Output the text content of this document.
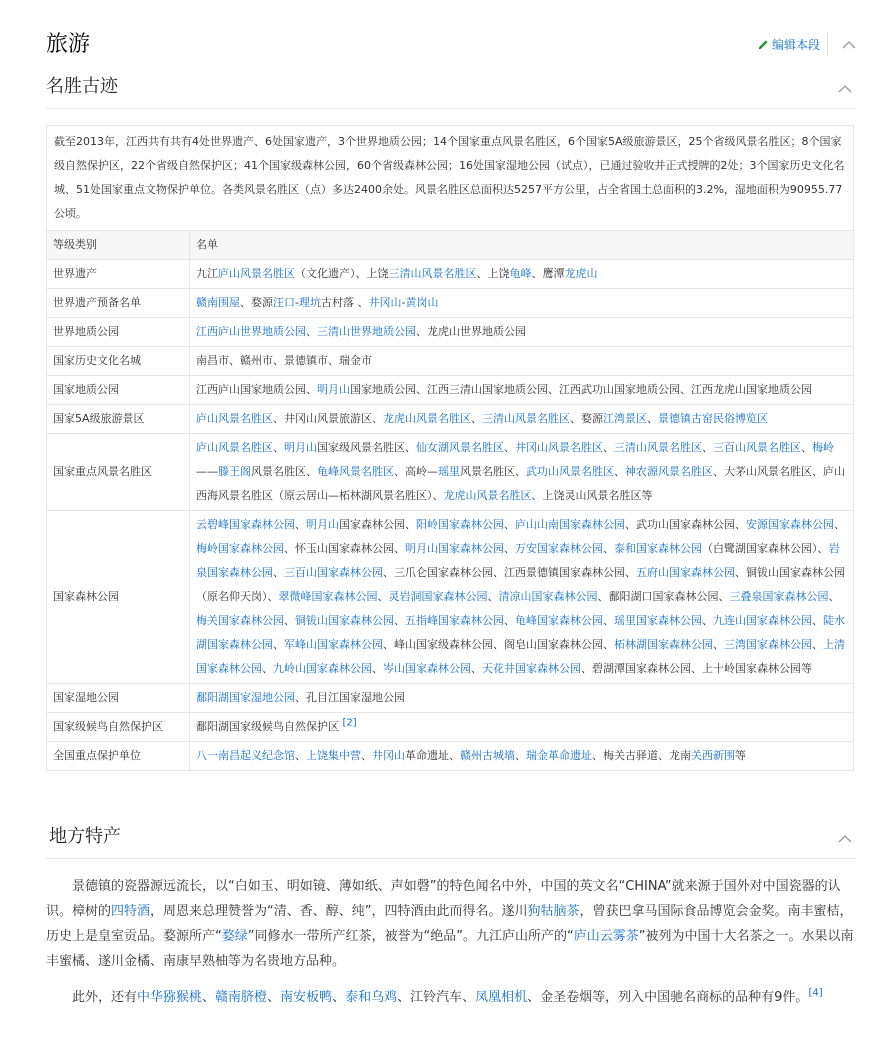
旅游	编辑本段
名胜古迹
截至2013年，江西共有共有4处世界遗产、6处国家遗产，3个世界地质公园；14个国家重点风景名胜区，6个国家5A级旅游景区，25个省级风景名胜区；8个国家级自然保护区，22个省级自然保护区；41个国家级森林公园，60个省级森林公园；16处国家湿地公园（试点），已通过验收并正式授牌的2处；3个国家历史文化名城、51处国家重点文物保护单位。各类风景名胜区（点）多达2400余处。风景名胜区总面积达5257平方公里，占全省国土总面积的3.2%，湿地面积为90955.77公顷。	
等级类别	名单
世界遗产	九江庐山风景名胜区（文化遗产）、上饶三清山风景名胜区、上饶龟峰、鹰潭龙虎山
世界遗产预备名单	赣南围屋、婺源汪口-理坑古村落 、井冈山-黄岗山
世界地质公园	江西庐山世界地质公园、三清山世界地质公园、龙虎山世界地质公园
国家历史文化名城	南昌市、赣州市、景德镇市、瑞金市
国家地质公园	江西庐山国家地质公园、明月山国家地质公园、江西三清山国家地质公园、江西武功山国家地质公园、江西龙虎山国家地质公园
国家5A级旅游景区	庐山风景名胜区、井冈山风景旅游区、龙虎山风景名胜区、三清山风景名胜区、婺源江湾景区、景德镇古窑民俗博览区
国家重点风景名胜区	庐山风景名胜区、明月山国家级风景名胜区、仙女湖风景名胜区、井冈山风景名胜区、三清山风景名胜区、三百山风景名胜区、梅岭——滕王阁风景名胜区、龟峰风景名胜区、高岭—瑶里风景名胜区、武功山风景名胜区、神农源风景名胜区、大茅山风景名胜区、庐山西海风景名胜区（原云居山—柘林湖风景名胜区）、龙虎山风景名胜区、上饶灵山风景名胜区等
国家森林公园	云碧峰国家森林公园、明月山国家森林公园、阳岭国家森林公园、庐山山南国家森林公园、武功山国家森林公园、安源国家森林公园、梅岭国家森林公园、怀玉山国家森林公园、明月山国家森林公园、万安国家森林公园、泰和国家森林公园（白鹭湖国家森林公园）、岩泉国家森林公园、三百山国家森林公园、三爪仑国家森林公园、江西景德镇国家森林公园、五府山国家森林公园、铜钹山国家森林公园（原名仰天岗）、翠微峰国家森林公园、灵岩洞国家森林公园、清凉山国家森林公园、鄱阳湖口国家森林公园、三叠泉国家森林公园、梅关国家森林公园、铜钹山国家森林公园、五指峰国家森林公园、龟峰国家森林公园、瑶里国家森林公园、九连山国家森林公园、陡水湖国家森林公园、军峰山国家森林公园、峰山国家级森林公园、阁皂山国家森林公园、柘林湖国家森林公园、三湾国家森林公园、上清国家森林公园、九岭山国家森林公园、岑山国家森林公园、天花井国家森林公园、碧湖潭国家森林公园、上十岭国家森林公园等
国家湿地公园	鄱阳湖国家湿地公园、孔目江国家湿地公园
国家级候鸟自然保护区	鄱阳湖国家级候鸟自然保护区 [2]
全国重点保护单位	八一南昌起义纪念馆、上饶集中营、井冈山革命遗址、赣州古城墙、瑞金革命遗址、梅关古驿道、龙南关西新围等
地方特产

景德镇的瓷器源远流长，以“白如玉、明如镜、薄如纸、声如磬”的特色闻名中外，中国的英文名“CHINA”就来源于国外对中国瓷器的认识。樟树的四特酒，周恩来总理赞誉为“清、香、醇、纯”，四特酒由此而得名。遂川狗牯脑茶，曾获巴拿马国际食品博览会金奖。南丰蜜桔，历史上是皇室贡品。婺源所产“婺绿”同修水一带所产红茶，被誉为“绝品”。九江庐山所产的“庐山云雾茶”被列为中国十大名茶之一。水果以南丰蜜橘、遂川金橘、南康早熟柚等为名贵地方品种。

此外，还有中华猕猴桃、赣南脐橙、南安板鸭、泰和乌鸡、江铃汽车、凤凰相机、金圣卷烟等，列入中国驰名商标的品种有9件。[4]
